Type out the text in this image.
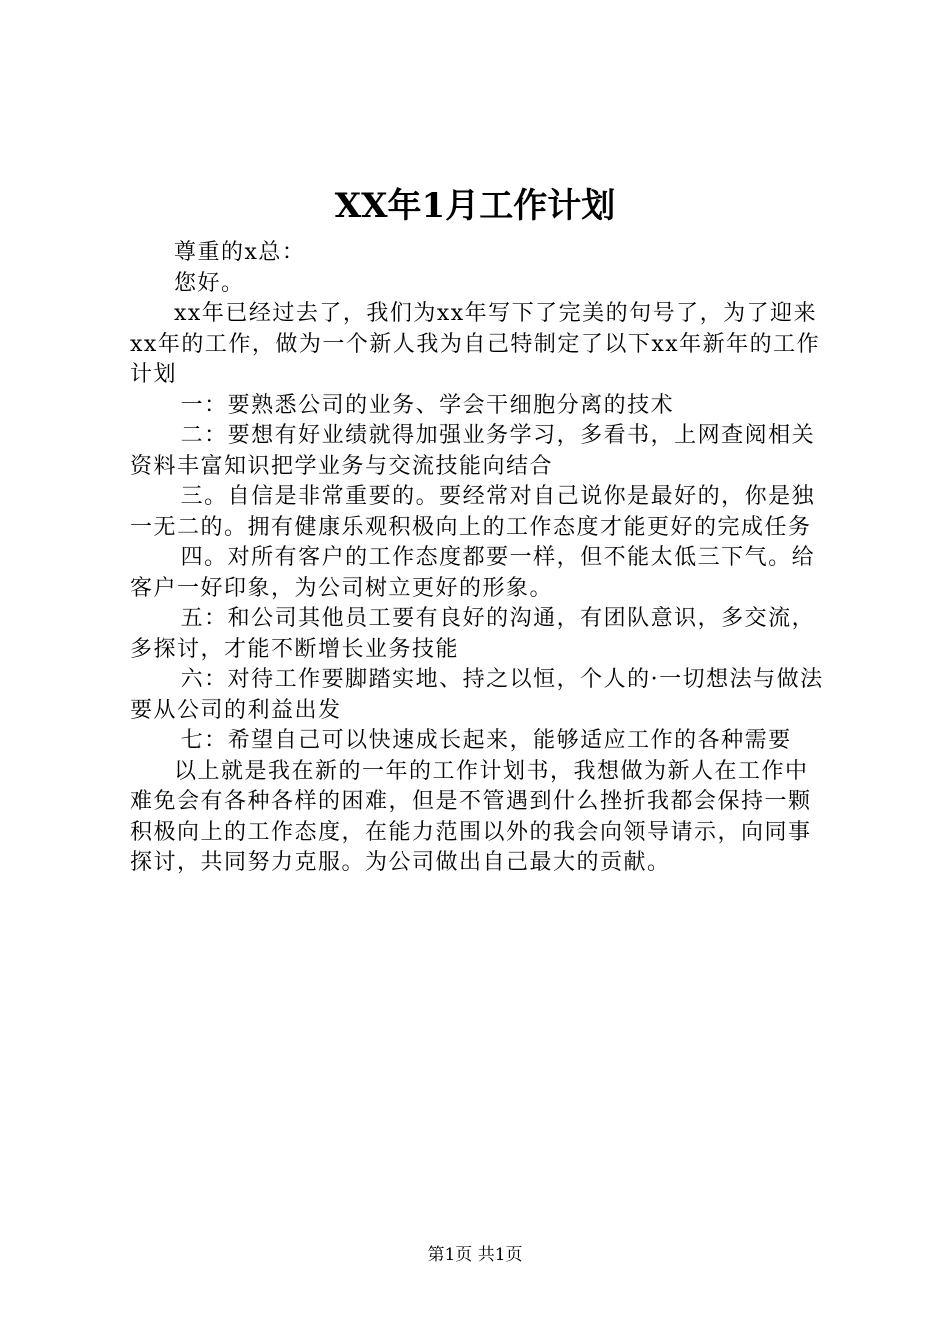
XX年1月工作计划

尊重的x总：

您好。

xx年已经过去了，我们为xx年写下了完美的句号了，为了迎来xx年的工作，做为一个新人我为自己特制定了以下xx年新年的工作计划

一：要熟悉公司的业务、学会干细胞分离的技术

二：要想有好业绩就得加强业务学习，多看书，上网查阅相关资料丰富知识把学业务与交流技能向结合

三。自信是非常重要的。要经常对自己说你是最好的，你是独一无二的。拥有健康乐观积极向上的工作态度才能更好的完成任务

四。对所有客户的工作态度都要一样，但不能太低三下气。给客户一好印象，为公司树立更好的形象。

五：和公司其他员工要有良好的沟通，有团队意识，多交流，多探讨，才能不断增长业务技能

六：对待工作要脚踏实地、持之以恒，个人的·一切想法与做法要从公司的利益出发

七：希望自己可以快速成长起来，能够适应工作的各种需要

以上就是我在新的一年的工作计划书，我想做为新人在工作中难免会有各种各样的困难，但是不管遇到什么挫折我都会保持一颗积极向上的工作态度，在能力范围以外的我会向领导请示，向同事探讨，共同努力克服。为公司做出自己最大的贡献。

第1页 共1页
